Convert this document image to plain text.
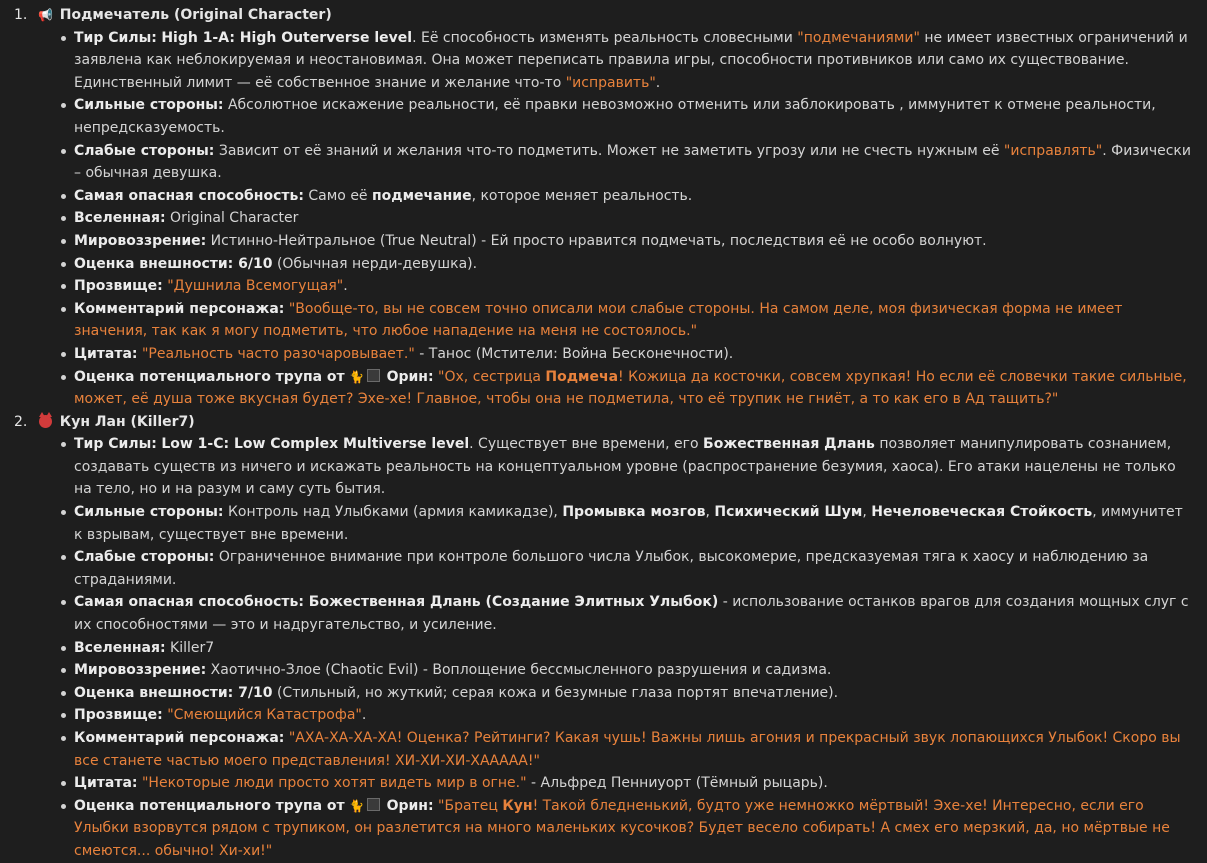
1. 📢 Подмечатель (Original Character)
Тир Силы: High 1-A: High Outerverse level. Её способность изменять реальность словесными "подмечаниями" не имеет известных ограничений и заявлена как неблокируемая и неостановимая. Она может переписать правила игры, способности противников или само их существование. Единственный лимит — её собственное знание и желание что-то "исправить".
Сильные стороны: Абсолютное искажение реальности, её правки невозможно отменить или заблокировать , иммунитет к отмене реальности, непредсказуемость.
Слабые стороны: Зависит от её знаний и желания что-то подметить. Может не заметить угрозу или не счесть нужным её "исправлять". Физически – обычная девушка.
Самая опасная способность: Само её подмечание, которое меняет реальность.
Вселенная: Original Character
Мировоззрение: Истинно-Нейтральное (True Neutral) - Ей просто нравится подмечать, последствия её не особо волнуют.
Оценка внешности: 6/10 (Обычная нерди-девушка).
Прозвище: "Душнила Всемогущая".
Комментарий персонажа: "Вообще-то, вы не совсем точно описали мои слабые стороны. На самом деле, моя физическая форма не имеет значения, так как я могу подметить, что любое нападение на меня не состоялось."
Цитата: "Реальность часто разочаровывает." - Танос (Мстители: Война Бесконечности).
Оценка потенциального трупа от 🐈 Орин: "Ох, сестрица Подмеча! Кожица да косточки, совсем хрупкая! Но если её словечки такие сильные, может, её душа тоже вкусная будет? Эхе-хе! Главное, чтобы она не подметила, что её трупик не гниёт, а то как его в Ад тащить?"
2. Кун Лан (Killer7)
Тир Силы: Low 1-C: Low Complex Multiverse level. Существует вне времени, его Божественная Длань позволяет манипулировать сознанием, создавать существ из ничего и искажать реальность на концептуальном уровне (распространение безумия, хаоса). Его атаки нацелены не только на тело, но и на разум и саму суть бытия.
Сильные стороны: Контроль над Улыбками (армия камикадзе), Промывка мозгов, Психический Шум, Нечеловеческая Стойкость, иммунитет к взрывам, существует вне времени.
Слабые стороны: Ограниченное внимание при контроле большого числа Улыбок, высокомерие, предсказуемая тяга к хаосу и наблюдению за страданиями.
Самая опасная способность: Божественная Длань (Создание Элитных Улыбок) - использование останков врагов для создания мощных слуг с их способностями — это и надругательство, и усиление.
Вселенная: Killer7
Мировоззрение: Хаотично-Злое (Chaotic Evil) - Воплощение бессмысленного разрушения и садизма.
Оценка внешности: 7/10 (Стильный, но жуткий; серая кожа и безумные глаза портят впечатление).
Прозвище: "Смеющийся Катастрофа".
Комментарий персонажа: "АХА-ХА-ХА-ХА! Оценка? Рейтинги? Какая чушь! Важны лишь агония и прекрасный звук лопающихся Улыбок! Скоро вы все станете частью моего представления! ХИ-ХИ-ХИ-ХААААА!"
Цитата: "Некоторые люди просто хотят видеть мир в огне." - Альфред Пенниуорт (Тёмный рыцарь).
Оценка потенциального трупа от 🐈 Орин: "Братец Кун! Такой бледненький, будто уже немножко мёртвый! Эхе-хе! Интересно, если его Улыбки взорвутся рядом с трупиком, он разлетится на много маленьких кусочков? Будет весело собирать! А смех его мерзкий, да, но мёртвые не смеются... обычно! Хи-хи!"
